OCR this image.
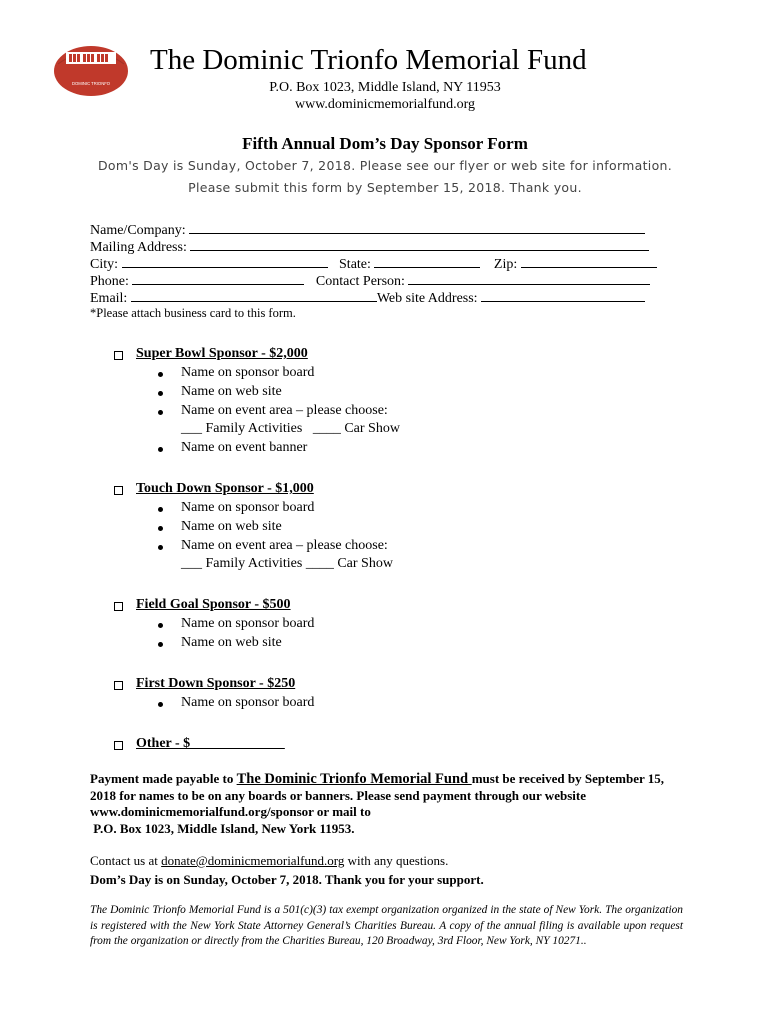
DOMINIC TRIONFO
The Dominic Trionfo Memorial Fund
P.O. Box 1023, Middle Island, NY 11953
www.dominicmemorialfund.org
Fifth Annual Dom’s Day Sponsor Form
Dom's Day is Sunday, October 7, 2018. Please see our flyer or web site for information.
Please submit this form by September 15, 2018. Thank you.
Name/Company:
Mailing Address:
City:	State:	Zip:
Phone:	Contact Person:
Email:	Web site Address:
*Please attach business card to this form.
Super Bowl Sponsor - $2,000
Name on sponsor board
Name on web site
Name on event area – please choose:
___ Family Activities   ____ Car Show
Name on event banner
Touch Down Sponsor - $1,000
Name on sponsor board
Name on web site
Name on event area – please choose:
___ Family Activities ____ Car Show
Field Goal Sponsor - $500
Name on sponsor board
Name on web site
First Down Sponsor - $250
Name on sponsor board
Other - $ _____________
Payment made payable to The Dominic Trionfo Memorial Fund must be received by September 15, 2018 for names to be on any boards or banners. Please send payment through our website www.dominicmemorialfund.org/sponsor or mail to
P.O. Box 1023, Middle Island, New York 11953.
Contact us at donate@dominicmemorialfund.org with any questions.
Dom’s Day is on Sunday, October 7, 2018. Thank you for your support.
The Dominic Trionfo Memorial Fund is a 501(c)(3) tax exempt organization organized in the state of New York. The organization is registered with the New York State Attorney General’s Charities Bureau. A copy of the annual filing is available upon request from the organization or directly from the Charities Bureau, 120 Broadway, 3rd Floor, New York, NY 10271..
